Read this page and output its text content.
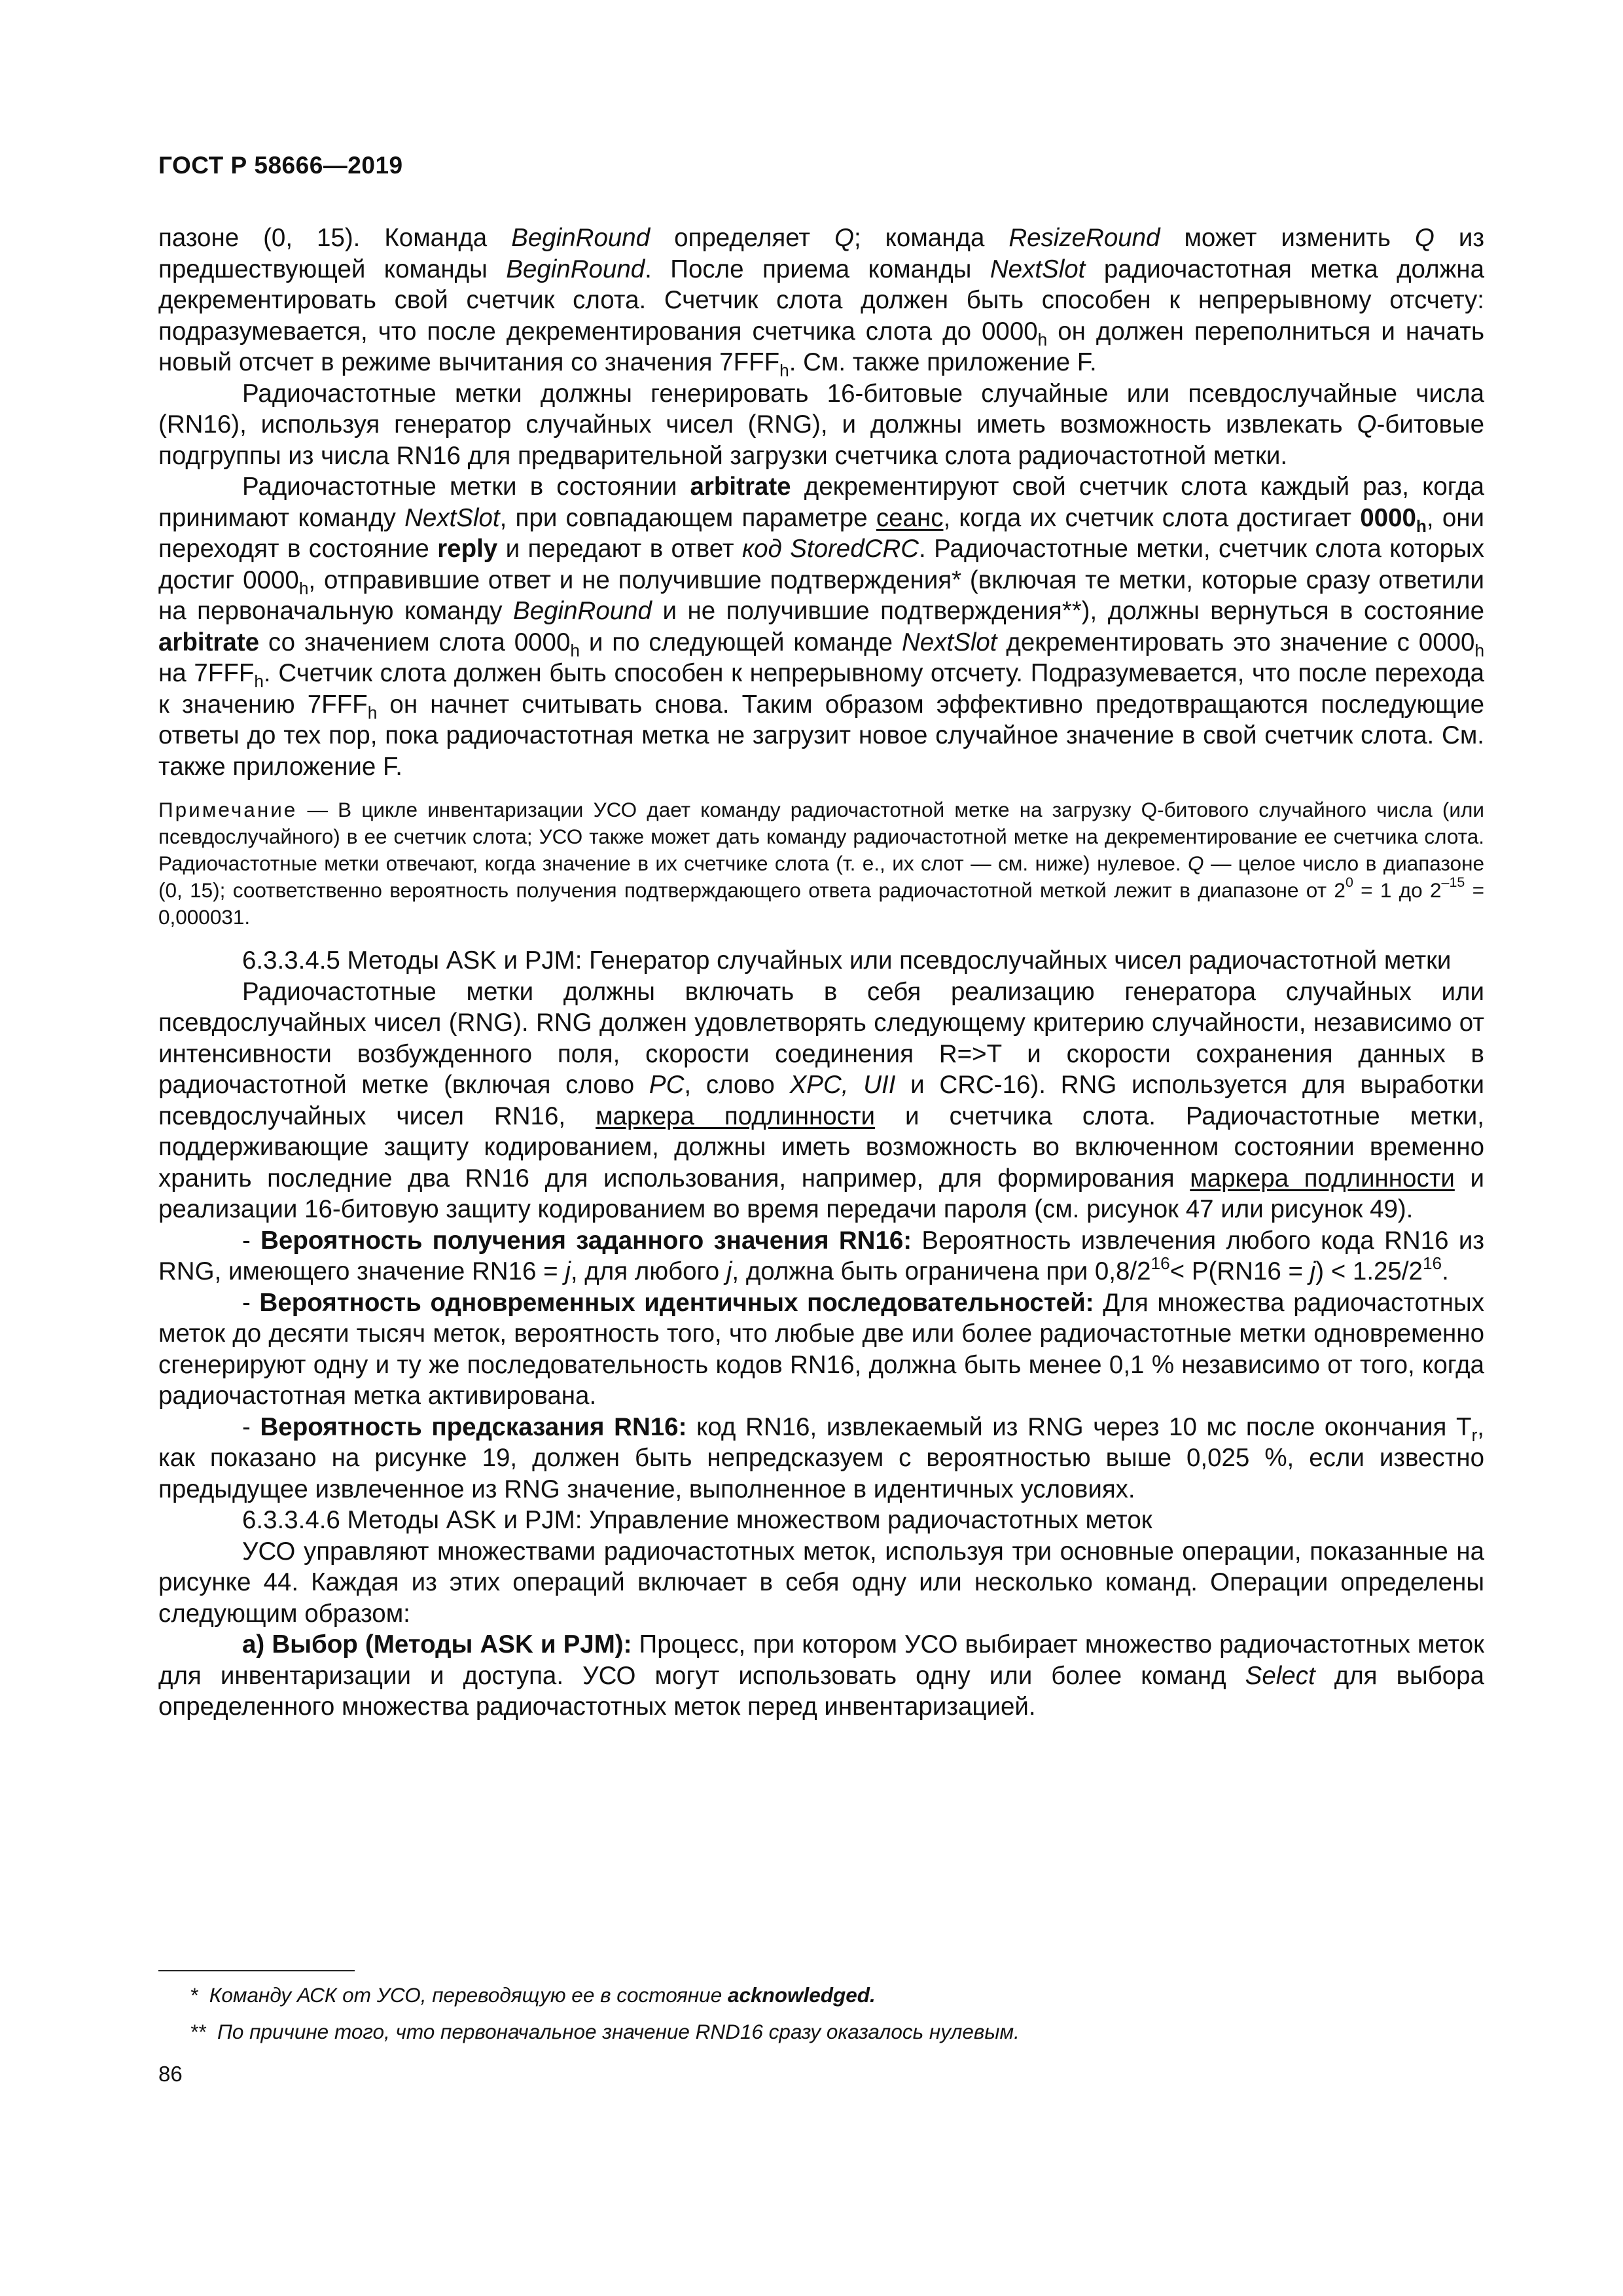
ГОСТ Р 58666—2019

пазоне (0, 15). Команда BeginRound определяет Q; команда ResizeRound может изменить Q из предшествующей команды BeginRound. После приема команды NextSlot радиочастотная метка должна декрементировать свой счетчик слота. Счетчик слота должен быть способен к непрерывному отсчету: подразумевается, что после декрементирования счетчика слота до $0000_h$ он должен переполниться и начать новый отсчет в режиме вычитания со значения $7FFF_h$. См. также приложение F.

Радиочастотные метки должны генерировать 16-битовые случайные или псевдослучайные числа (RN16), используя генератор случайных чисел (RNG), и должны иметь возможность извлекать Q-битовые подгруппы из числа RN16 для предварительной загрузки счетчика слота радиочастотной метки.

Радиочастотные метки в состоянии arbitrate декрементируют свой счетчик слота каждый раз, когда принимают команду NextSlot, при совпадающем параметре сеанс, когда их счетчик слота достигает $0000_h$, они переходят в состояние reply и передают в ответ код StoredCRC. Радиочастотные метки, счетчик слота которых достиг $0000_h$, отправившие ответ и не получившие подтверждения* (включая те метки, которые сразу ответили на первоначальную команду BeginRound и не получившие подтверждения**), должны вернуться в состояние arbitrate со значением слота $0000_h$ и по следующей команде NextSlot декрементировать это значение с $0000_h$ на $7FFF_h$. Счетчик слота должен быть способен к непрерывному отсчету. Подразумевается, что после перехода к значению $7FFF_h$ он начнет считывать снова. Таким образом эффективно предотвращаются последующие ответы до тех пор, пока радиочастотная метка не загрузит новое случайное значение в свой счетчик слота. См. также приложение F.

Примечание — В цикле инвентаризации УСО дает команду радиочастотной метке на загрузку Q-битового случайного числа (или псевдослучайного) в ее счетчик слота; УСО также может дать команду радиочастотной метке на декрементирование ее счетчика слота. Радиочастотные метки отвечают, когда значение в их счетчике слота (т. е., их слот — см. ниже) нулевое. Q — целое число в диапазоне (0, 15); соответственно вероятность получения подтверждающего ответа радиочастотной меткой лежит в диапазоне от $2^0 = 1$ до $2^{-15} = 0,000031$.

6.3.3.4.5 Методы ASK и PJM: Генератор случайных или псевдослучайных чисел радиочастотной метки

Радиочастотные метки должны включать в себя реализацию генератора случайных или псевдослучайных чисел (RNG). RNG должен удовлетворять следующему критерию случайности, независимо от интенсивности возбужденного поля, скорости соединения R=>T и скорости сохранения данных в радиочастотной метке (включая слово PC, слово XPC, UII и CRC-16). RNG используется для выработки псевдослучайных чисел RN16, маркера подлинности и счетчика слота. Радиочастотные метки, поддерживающие защиту кодированием, должны иметь возможность во включенном состоянии временно хранить последние два RN16 для использования, например, для формирования маркера подлинности и реализации 16-битовую защиту кодированием во время передачи пароля (см. рисунок 47 или рисунок 49).

- Вероятность получения заданного значения RN16: Вероятность извлечения любого кода RN16 из RNG, имеющего значение RN16 = j, для любого j, должна быть ограничена при $0,8/2^{16}< P(RN16 = j) < 1.25/2^{16}$.

- Вероятность одновременных идентичных последовательностей: Для множества радиочастотных меток до десяти тысяч меток, вероятность того, что любые две или более радиочастотные метки одновременно сгенерируют одну и ту же последовательность кодов RN16, должна быть менее 0,1 % независимо от того, когда радиочастотная метка активирована.

- Вероятность предсказания RN16: код RN16, извлекаемый из RNG через 10 мс после окончания $T_r$, как показано на рисунке 19, должен быть непредсказуем с вероятностью выше 0,025 %, если известно предыдущее извлеченное из RNG значение, выполненное в идентичных условиях.

6.3.3.4.6 Методы ASK и PJM: Управление множеством радиочастотных меток

УСО управляют множествами радиочастотных меток, используя три основные операции, показанные на рисунке 44. Каждая из этих операций включает в себя одну или несколько команд. Операции определены следующим образом:

а) Выбор (Методы ASK и PJM): Процесс, при котором УСО выбирает множество радиочастотных меток для инвентаризации и доступа. УСО могут использовать одну или более команд Select для выбора определенного множества радиочастотных меток перед инвентаризацией.

* Команду АСК от УСО, переводящую ее в состояние acknowledged.
** По причине того, что первоначальное значение RND16 сразу оказалось нулевым.
86
